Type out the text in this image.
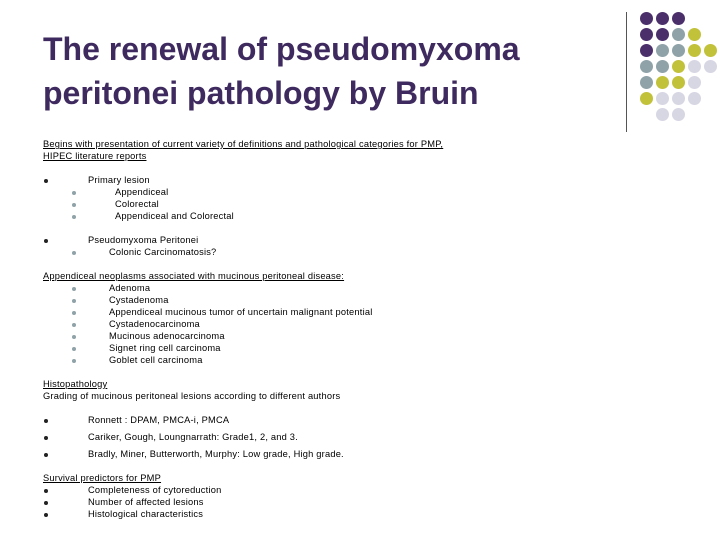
The renewal of pseudomyxoma peritonei pathology by Bruin
Begins with presentation of current variety of definitions and pathological categories for PMP,
HIPEC literature reports
Primary lesion
Appendiceal
Colorectal
Appendiceal and Colorectal
Pseudomyxoma Peritonei
Colonic Carcinomatosis?
Appendiceal neoplasms associated with mucinous peritoneal disease:
Adenoma
Cystadenoma
Appendiceal mucinous tumor of uncertain malignant potential
Cystadenocarcinoma
Mucinous adenocarcinoma
Signet ring cell carcinoma
Goblet cell carcinoma
Histopathology
Grading of mucinous peritoneal lesions according to different authors
Ronnett : DPAM, PMCA-i, PMCA
Cariker, Gough, Loungnarrath: Grade1, 2, and 3.
Bradly, Miner, Butterworth, Murphy: Low grade, High grade.
Survival predictors for PMP
Completeness of cytoreduction
Number of affected lesions
Histological characteristics
